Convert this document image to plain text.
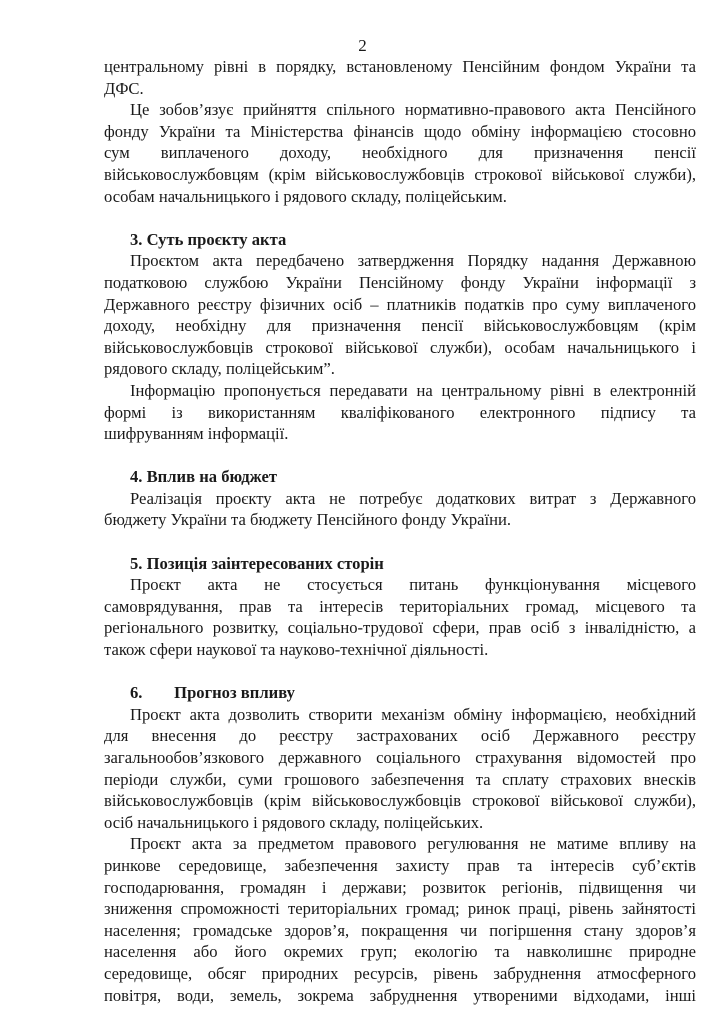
2
центральному рівні в порядку, встановленому Пенсійним фондом України та
ДФС.
Це зобов’язує прийняття спільного нормативно-правового акта Пенсійного
фонду України та Міністерства фінансів щодо обміну інформацією стосовно
сум виплаченого доходу, необхідного для призначення пенсії
військовослужбовцям (крім військовослужбовців строкової військової служби),
особам начальницького і рядового складу, поліцейським.
3. Суть проєкту акта
Проєктом акта передбачено затвердження Порядку надання Державною
податковою службою України Пенсійному фонду України інформації з
Державного реєстру фізичних осіб – платників податків про суму виплаченого
доходу, необхідну для призначення пенсії військовослужбовцям (крім
військовослужбовців строкової військової служби), особам начальницького і
рядового складу, поліцейським”.
Інформацію пропонується передавати на центральному рівні в електронній
формі із використанням кваліфікованого електронного підпису та
шифруванням інформації.
4. Вплив на бюджет
Реалізація проєкту акта не потребує додаткових витрат з Державного
бюджету України та бюджету Пенсійного фонду України.
5. Позиція заінтересованих сторін
Проєкт акта не стосується питань функціонування місцевого
самоврядування, прав та інтересів територіальних громад, місцевого та
регіонального розвитку, соціально-трудової сфери, прав осіб з інвалідністю, а
також сфери наукової та науково-технічної діяльності.
6. Прогноз впливу
Проєкт акта дозволить створити механізм обміну інформацією, необхідний
для внесення до реєстру застрахованих осіб Державного реєстру
загальнообов’язкового державного соціального страхування відомостей про
періоди служби, суми грошового забезпечення та сплату страхових внесків
військовослужбовців (крім військовослужбовців строкової військової служби),
осіб начальницького і рядового складу, поліцейських.
Проєкт акта за предметом правового регулювання не матиме впливу на
ринкове середовище, забезпечення захисту прав та інтересів суб’єктів
господарювання, громадян і держави; розвиток регіонів, підвищення чи
зниження спроможності територіальних громад; ринок праці, рівень зайнятості
населення; громадське здоров’я, покращення чи погіршення стану здоров’я
населення або його окремих груп; екологію та навколишнє природне
середовище, обсяг природних ресурсів, рівень забруднення атмосферного
повітря, води, земель, зокрема забруднення утвореними відходами, інші
